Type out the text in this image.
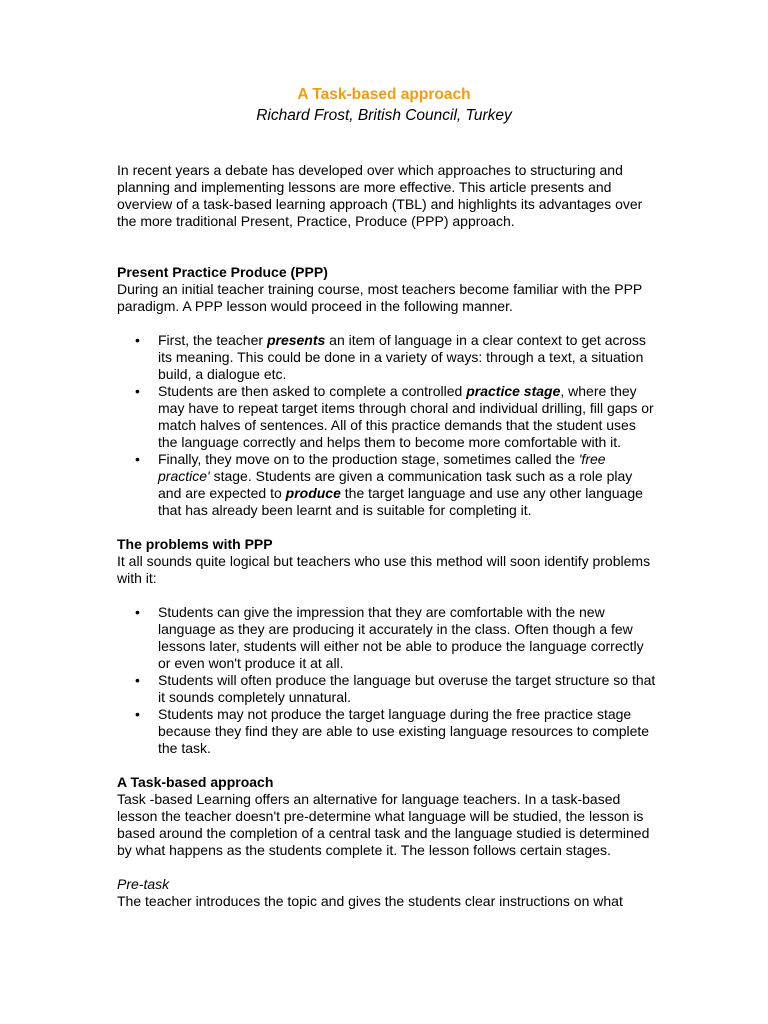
A Task-based approach

Richard Frost, British Council, Turkey

In recent years a debate has developed over which approaches to structuring and planning and implementing lessons are more effective. This article presents and overview of a task-based learning approach (TBL) and highlights its advantages over the more traditional Present, Practice, Produce (PPP) approach.

Present Practice Produce (PPP)

During an initial teacher training course, most teachers become familiar with the PPP paradigm. A PPP lesson would proceed in the following manner.

• First, the teacher presents an item of language in a clear context to get across its meaning. This could be done in a variety of ways: through a text, a situation build, a dialogue etc.
• Students are then asked to complete a controlled practice stage, where they may have to repeat target items through choral and individual drilling, fill gaps or match halves of sentences. All of this practice demands that the student uses the language correctly and helps them to become more comfortable with it.
• Finally, they move on to the production stage, sometimes called the 'free practice' stage. Students are given a communication task such as a role play and are expected to produce the target language and use any other language that has already been learnt and is suitable for completing it.

The problems with PPP

It all sounds quite logical but teachers who use this method will soon identify problems with it:

• Students can give the impression that they are comfortable with the new language as they are producing it accurately in the class. Often though a few lessons later, students will either not be able to produce the language correctly or even won't produce it at all.
• Students will often produce the language but overuse the target structure so that it sounds completely unnatural.
• Students may not produce the target language during the free practice stage because they find they are able to use existing language resources to complete the task.

A Task-based approach

Task -based Learning offers an alternative for language teachers. In a task-based lesson the teacher doesn't pre-determine what language will be studied, the lesson is based around the completion of a central task and the language studied is determined by what happens as the students complete it. The lesson follows certain stages.

Pre-task

The teacher introduces the topic and gives the students clear instructions on what
